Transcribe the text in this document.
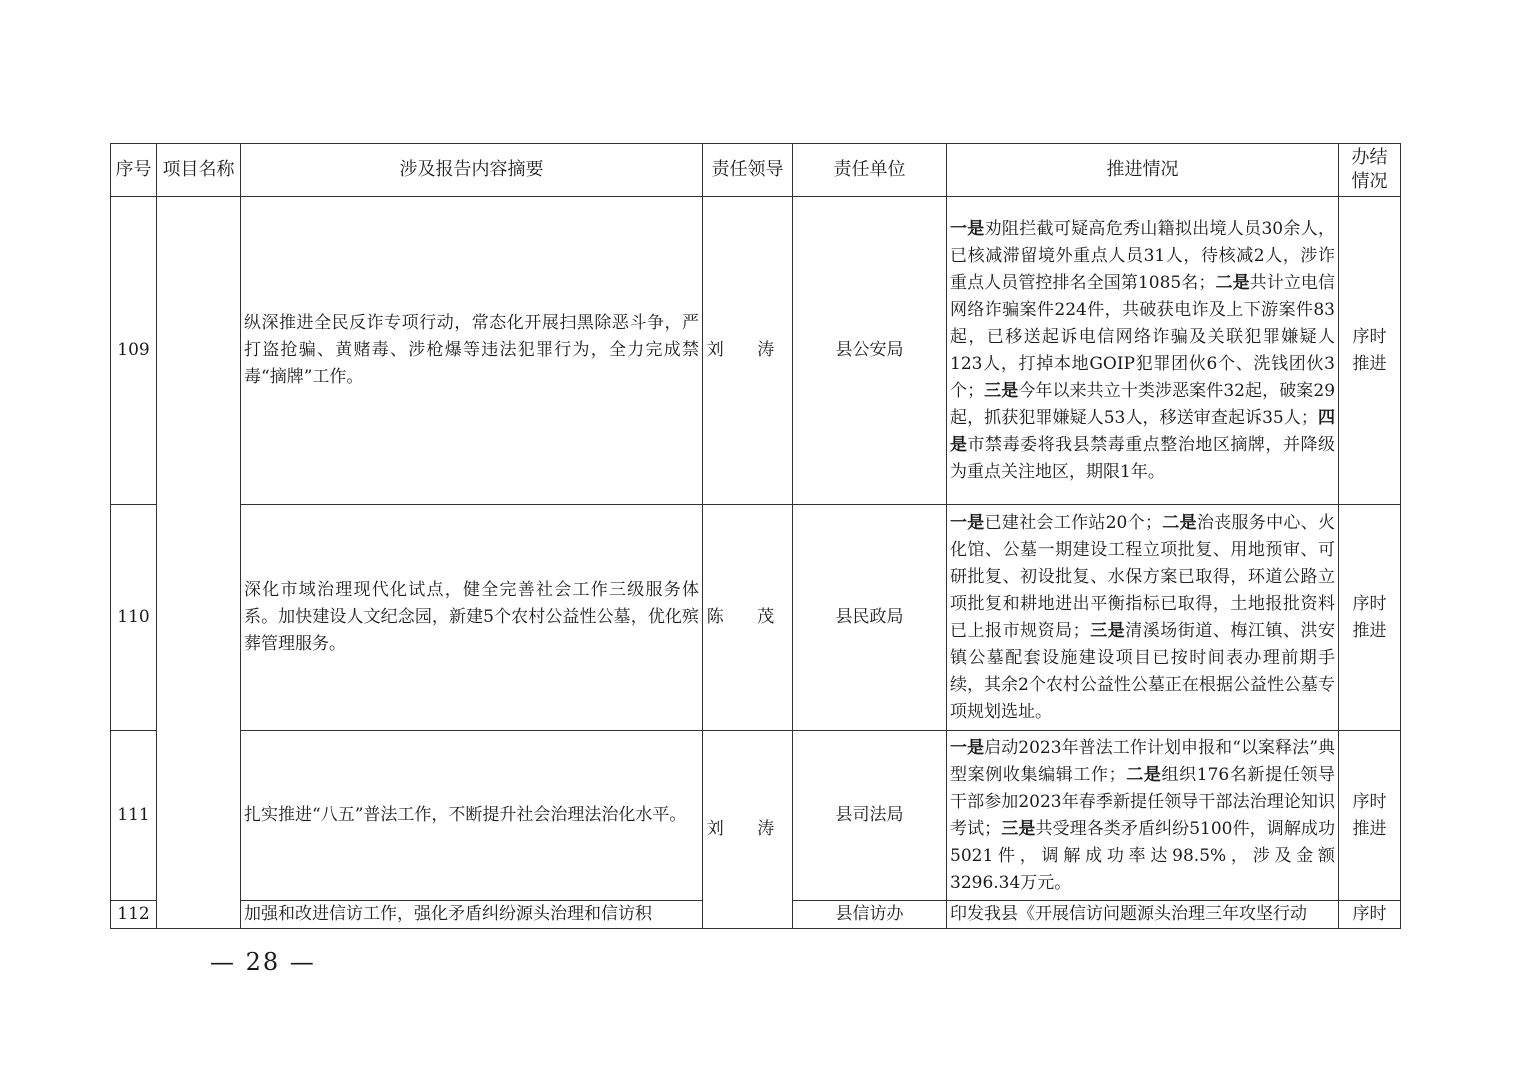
序号	项目名称	涉及报告内容摘要	责任领导	责任单位	推进情况	办结情况
109		纵深推进全民反诈专项行动，常态化开展扫黑除恶斗争，严打盗抢骗、黄赌毒、涉枪爆等违法犯罪行为，全力完成禁毒“摘牌”工作。	刘 涛	县公安局	一是劝阻拦截可疑高危秀山籍拟出境人员30余人，已核减滞留境外重点人员31人，待核减2人，涉诈重点人员管控排名全国第1085名；二是共计立电信网络诈骗案件224件，共破获电诈及上下游案件83起，已移送起诉电信网络诈骗及关联犯罪嫌疑人123人，打掉本地GOIP犯罪团伙6个、洗钱团伙3个；三是今年以来共立十类涉恶案件32起，破案29起，抓获犯罪嫌疑人53人，移送审查起诉35人；四是市禁毒委将我县禁毒重点整治地区摘牌，并降级为重点关注地区，期限1年。	序时推进
110		深化市域治理现代化试点，健全完善社会工作三级服务体系。加快建设人文纪念园，新建5个农村公益性公墓，优化殡葬管理服务。	陈 茂	县民政局	一是已建社会工作站20个；二是治丧服务中心、火化馆、公墓一期建设工程立项批复、用地预审、可研批复、初设批复、水保方案已取得，环道公路立项批复和耕地进出平衡指标已取得，土地报批资料已上报市规资局；三是清溪场街道、梅江镇、洪安镇公墓配套设施建设项目已按时间表办理前期手续，其余2个农村公益性公墓正在根据公益性公墓专项规划选址。	序时推进
111		扎实推进“八五”普法工作，不断提升社会治理法治化水平。	刘 涛	县司法局	一是启动2023年普法工作计划申报和“以案释法”典型案例收集编辑工作；二是组织176名新提任领导干部参加2023年春季新提任领导干部法治理论知识考试；三是共受理各类矛盾纠纷5100件，调解成功5021件，调解成功率达98.5%，涉及金额3296.34万元。	序时推进
112		加强和改进信访工作，强化矛盾纠纷源头治理和信访积		县信访办	印发我县《开展信访问题源头治理三年攻坚行动	序时
— 28 —
